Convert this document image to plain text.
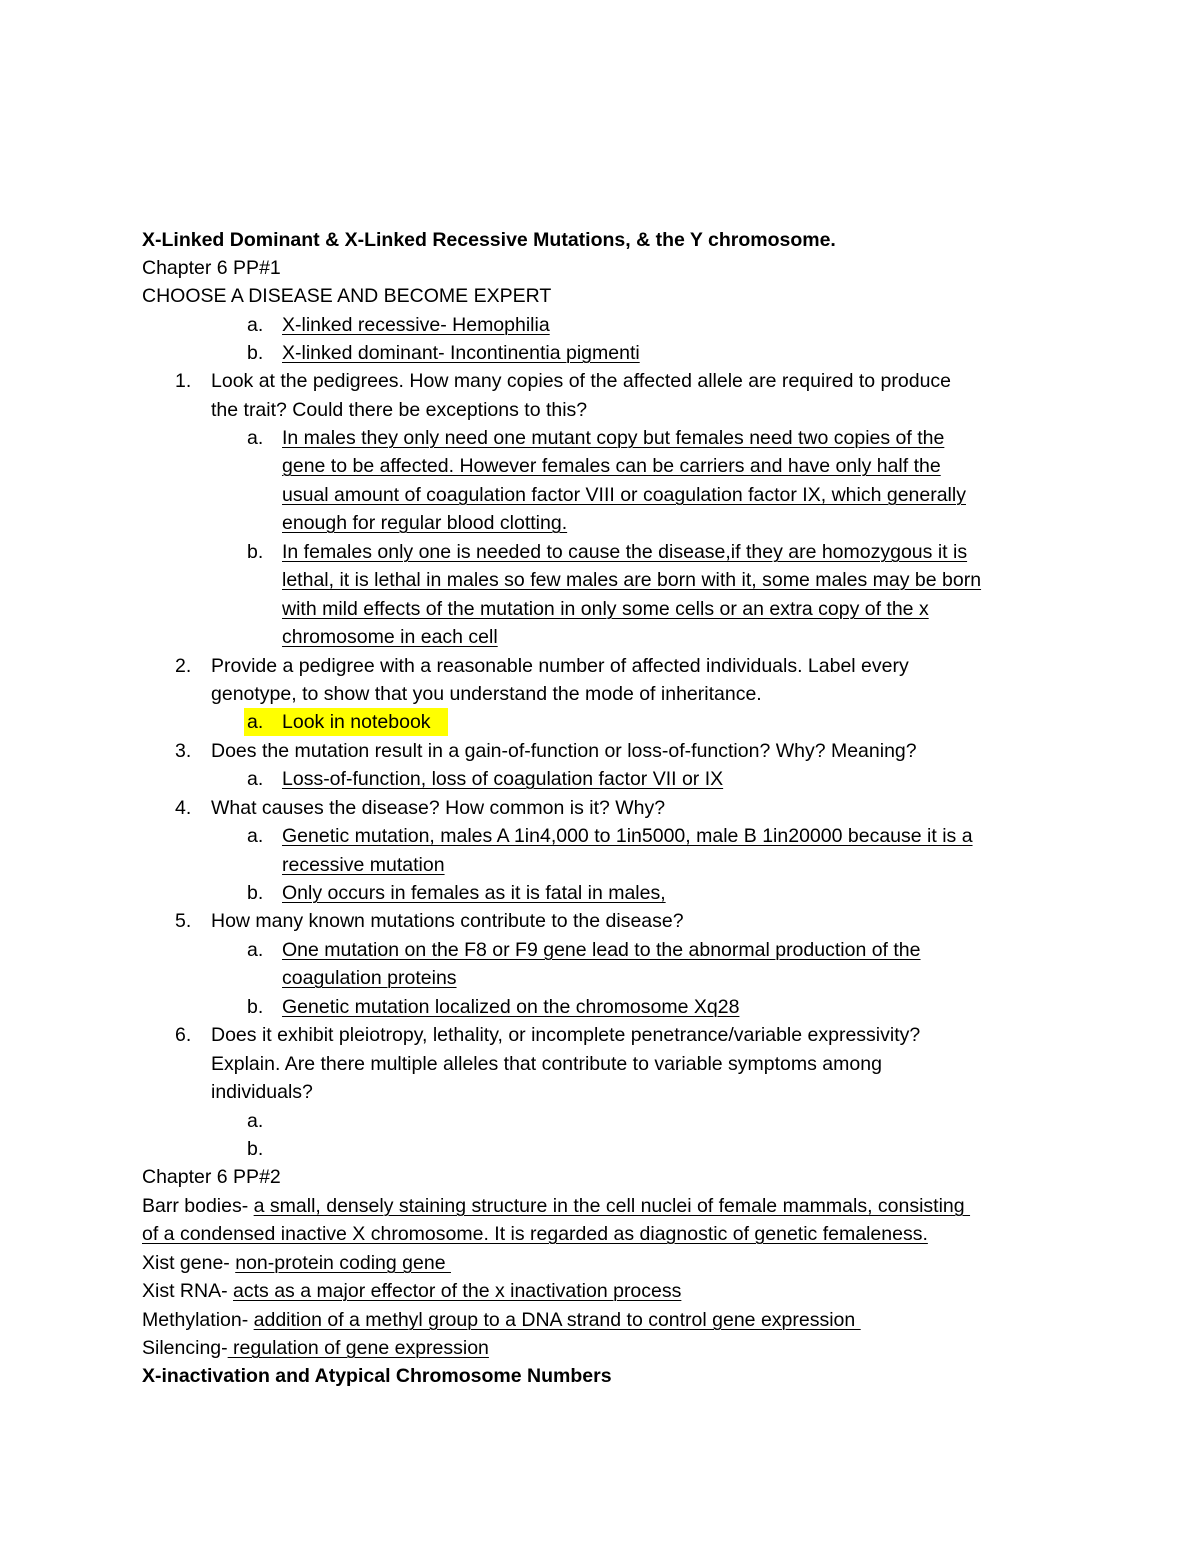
X-Linked Dominant & X-Linked Recessive Mutations, & the Y chromosome.
Chapter 6 PP#1
CHOOSE A DISEASE AND BECOME EXPERT
a. X-linked recessive- Hemophilia
b. X-linked dominant- Incontinentia pigmenti
1. Look at the pedigrees. How many copies of the affected allele are required to produce
the trait? Could there be exceptions to this?
a. In males they only need one mutant copy but females need two copies of the
gene to be affected. However females can be carriers and have only half the
usual amount of coagulation factor VIII or coagulation factor IX, which generally
enough for regular blood clotting.
b. In females only one is needed to cause the disease,if they are homozygous it is
lethal, it is lethal in males so few males are born with it, some males may be born
with mild effects of the mutation in only some cells or an extra copy of the x
chromosome in each cell
2. Provide a pedigree with a reasonable number of affected individuals. Label every
genotype, to show that you understand the mode of inheritance.
a. Look in notebook
3. Does the mutation result in a gain-of-function or loss-of-function? Why? Meaning?
a. Loss-of-function, loss of coagulation factor VII or IX
4. What causes the disease? How common is it? Why?
a. Genetic mutation, males A 1in4,000 to 1in5000, male B 1in20000 because it is a
recessive mutation
b. Only occurs in females as it is fatal in males,
5. How many known mutations contribute to the disease?
a. One mutation on the F8 or F9 gene lead to the abnormal production of the
coagulation proteins
b. Genetic mutation localized on the chromosome Xq28
6. Does it exhibit pleiotropy, lethality, or incomplete penetrance/variable expressivity?
Explain. Are there multiple alleles that contribute to variable symptoms among
individuals?
a.
b.
Chapter 6 PP#2
Barr bodies- a small, densely staining structure in the cell nuclei of female mammals, consisting
of a condensed inactive X chromosome. It is regarded as diagnostic of genetic femaleness.
Xist gene- non-protein coding gene
Xist RNA- acts as a major effector of the x inactivation process
Methylation- addition of a methyl group to a DNA strand to control gene expression
Silencing- regulation of gene expression
X-inactivation and Atypical Chromosome Numbers
